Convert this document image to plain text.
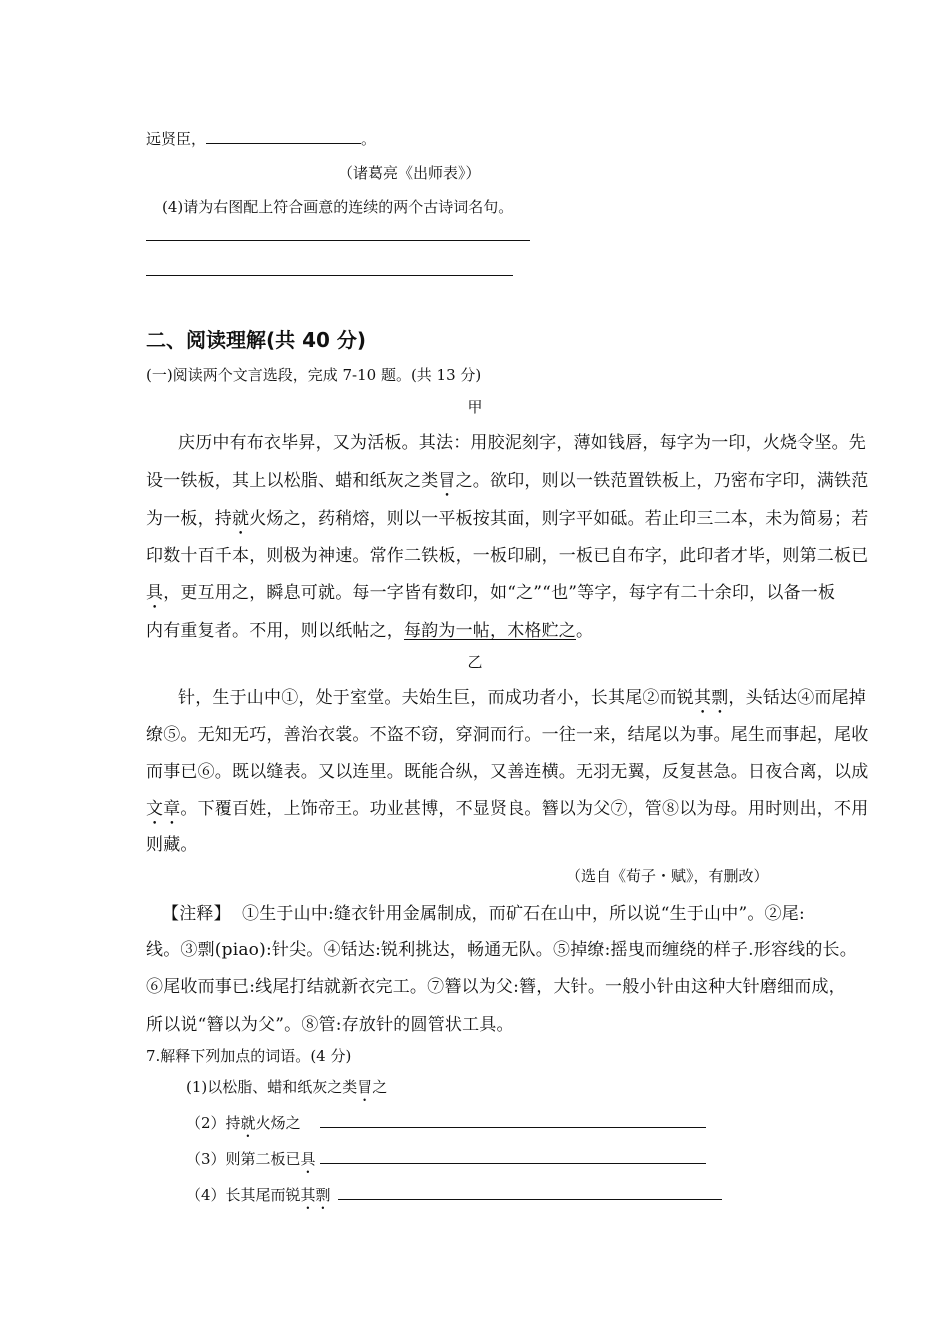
远贤臣，	。
（诸葛亮《出师表》）
(4)请为右图配上符合画意的连续的两个古诗词名句。
二、阅读理解(共 40 分)
(一)阅读两个文言选段，完成 7-10 题。(共 13 分)
甲
庆历中有布衣毕昇，又为活板。其法：用胶泥刻字，薄如钱唇，每字为一印，火烧令坚。先
设一铁板，其上以松脂、蜡和纸灰之类冒之。欲印，则以一铁范置铁板上，乃密布字印，满铁范
为一板，持就火炀之，药稍熔，则以一平板按其面，则字平如砥。若止印三二本，未为简易；若
印数十百千本，则极为神速。常作二铁板，一板印刷，一板已自布字，此印者才毕，则第二板已
具，更互用之，瞬息可就。每一字皆有数印，如“之”“也”等字，每字有二十余印，以备一板
内有重复者。不用，则以纸帖之，每韵为一帖，木格贮之。
乙
针，生于山中①，处于室堂。夫始生巨，而成功者小，长其尾②而锐其剽，头铦达④而尾掉
缭⑤。无知无巧，善治衣裳。不盗不窃，穿洞而行。一往一来，结尾以为事。尾生而事起，尾收
而事已⑥。既以缝表。又以连里。既能合纵，又善连横。无羽无翼，反复甚急。日夜合离，以成
文章。下覆百姓，上饰帝王。功业甚博，不显贤良。簪以为父⑦，管⑧以为母。用时则出，不用
则藏。
（选自《荀子・赋》，有删改）
【注释】 ①生于山中:缝衣针用金属制成，而矿石在山中，所以说“生于山中”。②尾:
线。③剽(piao):针尖。④铦达:锐利挑达，畅通无队。⑤掉缭:摇曳而缠绕的样子.形容线的长。
⑥尾收而事已:线尾打结就新衣完工。⑦簪以为父:簪，大针。一般小针由这种大针磨细而成，
所以说“簪以为父”。⑧管:存放针的圆管状工具。
7.解释下列加点的词语。(4 分)
(1)以松脂、蜡和纸灰之类冒之
（2）持就火炀之
（3）则第二板已具
（4）长其尾而锐其剽
